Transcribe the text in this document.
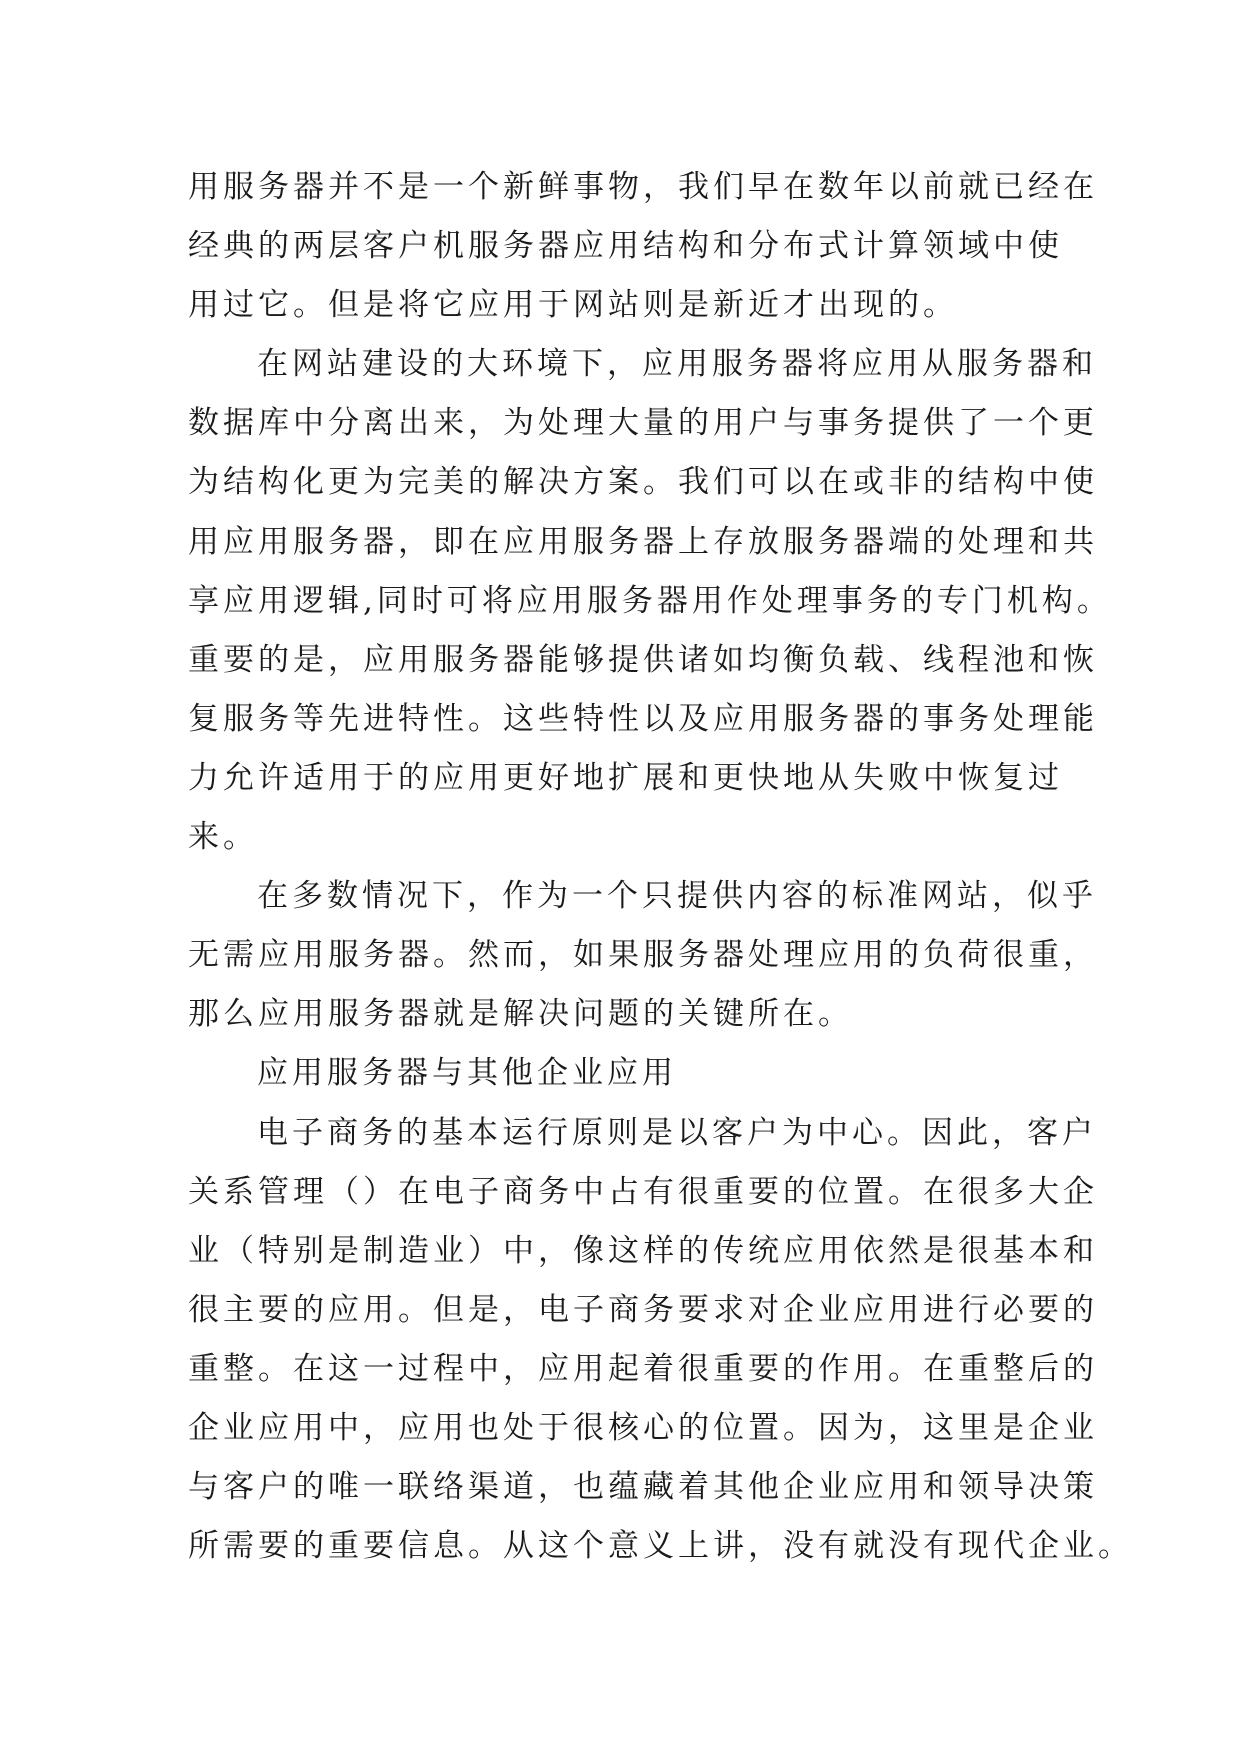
用服务器并不是一个新鲜事物，我们早在数年以前就已经在
经典的两层客户机服务器应用结构和分布式计算领域中使
用过它。但是将它应用于网站则是新近才出现的。
在网站建设的大环境下，应用服务器将应用从服务器和
数据库中分离出来，为处理大量的用户与事务提供了一个更
为结构化更为完美的解决方案。我们可以在或非的结构中使
用应用服务器，即在应用服务器上存放服务器端的处理和共
享应用逻辑,同时可将应用服务器用作处理事务的专门机构。
重要的是，应用服务器能够提供诸如均衡负载、线程池和恢
复服务等先进特性。这些特性以及应用服务器的事务处理能
力允许适用于的应用更好地扩展和更快地从失败中恢复过
来。
在多数情况下，作为一个只提供内容的标准网站，似乎
无需应用服务器。然而，如果服务器处理应用的负荷很重，
那么应用服务器就是解决问题的关键所在。
应用服务器与其他企业应用
电子商务的基本运行原则是以客户为中心。因此，客户
关系管理（）在电子商务中占有很重要的位置。在很多大企
业（特别是制造业）中，像这样的传统应用依然是很基本和
很主要的应用。但是，电子商务要求对企业应用进行必要的
重整。在这一过程中，应用起着很重要的作用。在重整后的
企业应用中，应用也处于很核心的位置。因为，这里是企业
与客户的唯一联络渠道，也蕴藏着其他企业应用和领导决策
所需要的重要信息。从这个意义上讲，没有就没有现代企业。
